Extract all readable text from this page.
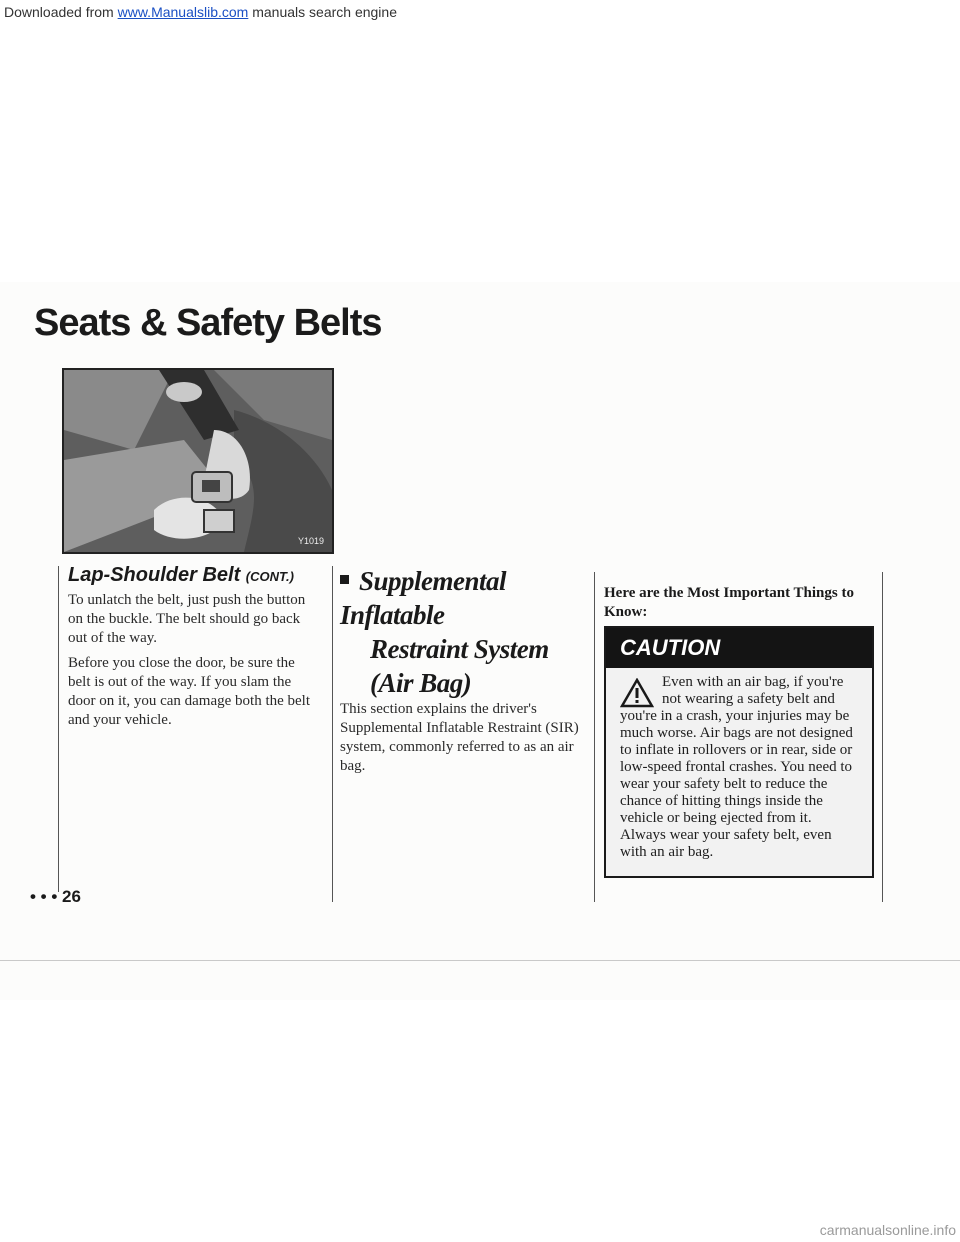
Downloaded from www.Manualslib.com manuals search engine
Seats & Safety Belts
Y1019
Lap-Shoulder Belt (CONT.)

To unlatch the belt, just push the button on the buckle. The belt should go back out of the way.

Before you close the door, be sure the belt is out of the way. If you slam the door on it, you can damage both the belt and your vehicle.

Supplemental Inflatable
Restraint System (Air Bag)

This section explains the driver's Supplemental Inflatable Restraint (SIR) system, commonly referred to as an air bag.

Here are the Most Important Things to Know:
CAUTION

Even with an air bag, if you're not wearing a safety belt and you're in a crash, your injuries may be much worse. Air bags are not designed to inflate in rollovers or in rear, side or low-speed frontal crashes. You need to wear your safety belt to reduce the chance of hitting things inside the vehicle or being ejected from it. Always wear your safety belt, even with an air bag.

• • • 26
carmanualsonline.info
